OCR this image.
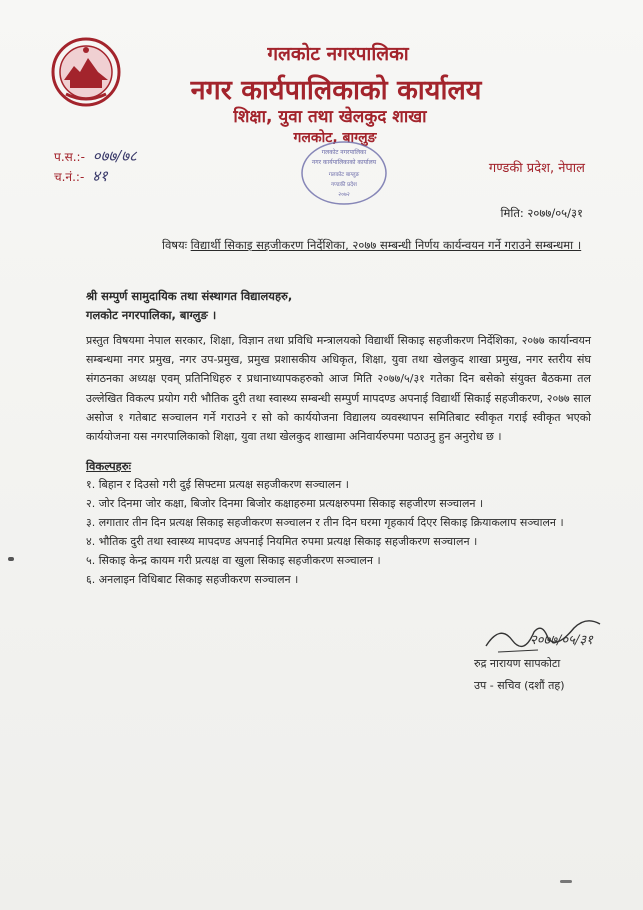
गलकोट नगरपालिका
नगर कार्यपालिकाको कार्यालय
शिक्षा, युवा तथा खेलकुद शाखा
गलकोट, बाग्लुङ
प.स.:- ०७७/७८
च.नं.:- ४१
गलकोट नगरपालिका
नगर कार्यपालिकाको कार्यालय
गलकोट बाग्लुङ
गण्डकी प्रदेश
२०७२
गण्डकी प्रदेश, नेपाल
मिति: २०७७/०५/३१
विषयः विद्यार्थी सिकाइ सहजीकरण निर्देशिका, २०७७ सम्बन्धी निर्णय कार्यन्वयन गर्ने गराउने सम्बन्धमा ।
श्री सम्पुर्ण सामुदायिक तथा संस्थागत विद्यालयहरु,
गलकोट नगरपालिका, बाग्लुङ ।
प्रस्तुत विषयमा नेपाल सरकार, शिक्षा, विज्ञान तथा प्रविधि मन्त्रालयको विद्यार्थी सिकाइ सहजीकरण निर्देशिका, २०७७ कार्यान्वयन सम्बन्धमा नगर प्रमुख, नगर उप-प्रमुख, प्रमुख प्रशासकीय अधिकृत, शिक्षा, युवा तथा खेलकुद शाखा प्रमुख, नगर स्तरीय संघ संगठनका अध्यक्ष एवम् प्रतिनिधिहरु र प्रधानाध्यापकहरुको आज मिति २०७७/५/३१ गतेका दिन बसेको संयुक्त बैठकमा तल उल्लेखित विकल्प प्रयोग गरी भौतिक दुरी तथा स्वास्थ्य सम्बन्धी सम्पुर्ण मापदण्ड अपनाई विद्यार्थी सिकाई सहजीकरण, २०७७ साल असोज १ गतेबाट सञ्चालन गर्ने गराउने र सो को कार्ययोजना विद्यालय व्यवस्थापन समितिबाट स्वीकृत गराई स्वीकृत भएको कार्ययोजना यस नगरपालिकाको शिक्षा, युवा तथा खेलकुद शाखामा अनिवार्यरुपमा पठाउनु हुन अनुरोध छ ।
विकल्पहरुः
१. बिहान र दिउसो गरी दुई सिफ्टमा प्रत्यक्ष सहजीकरण सञ्चालन ।
२. जोर दिनमा जोर कक्षा, बिजोर दिनमा बिजोर कक्षाहरुमा प्रत्यक्षरुपमा सिकाइ सहजीरण सञ्चालन ।
३. लगातार तीन दिन प्रत्यक्ष सिकाइ सहजीकरण सञ्चालन र तीन दिन घरमा गृहकार्य दिएर सिकाइ क्रियाकलाप सञ्चालन ।
४. भौतिक दुरी तथा स्वास्थ्य मापदण्ड अपनाई नियमित रुपमा प्रत्यक्ष सिकाइ सहजीकरण सञ्चालन ।
५. सिकाइ केन्द्र कायम गरी प्रत्यक्ष वा खुला सिकाइ सहजीकरण सञ्चालन ।
६. अनलाइन विधिबाट सिकाइ सहजीकरण सञ्चालन ।
२०७७/०५/३१
रुद्र नारायण सापकोटा
उप - सचिव (दशौं तह)
